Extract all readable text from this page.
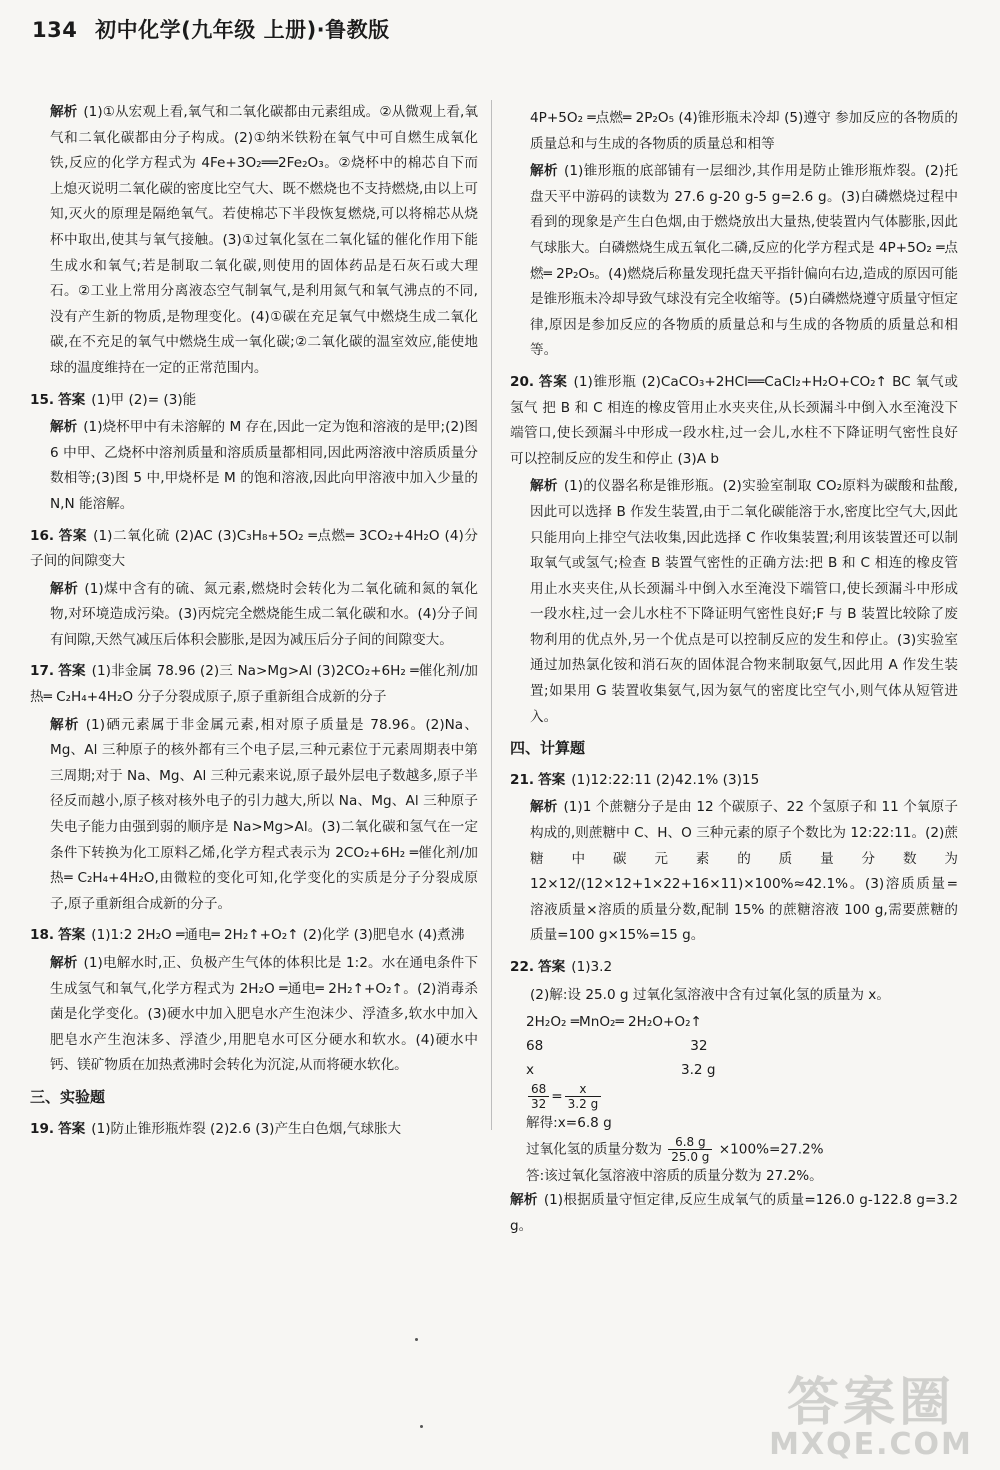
134 初中化学(九年级 上册)·鲁教版

解析 (1)①从宏观上看,氧气和二氧化碳都由元素组成。②从微观上看,氧气和二氧化碳都由分子构成。(2)①纳米铁粉在氧气中可自燃生成氧化铁,反应的化学方程式为 4Fe+3O₂══2Fe₂O₃。②烧杯中的棉芯自下而上熄灭说明二氧化碳的密度比空气大、既不燃烧也不支持燃烧,由以上可知,灭火的原理是隔绝氧气。若使棉芯下半段恢复燃烧,可以将棉芯从烧杯中取出,使其与氧气接触。(3)①过氧化氢在二氧化锰的催化作用下能生成水和氧气;若是制取二氧化碳,则使用的固体药品是石灰石或大理石。②工业上常用分离液态空气制氧气,是利用氮气和氧气沸点的不同,没有产生新的物质,是物理变化。(4)①碳在充足氧气中燃烧生成二氧化碳,在不充足的氧气中燃烧生成一氧化碳;②二氧化碳的温室效应,能使地球的温度维持在一定的正常范围内。

15. 答案 (1)甲 (2)= (3)能

解析 (1)烧杯甲中有未溶解的 M 存在,因此一定为饱和溶液的是甲;(2)图 6 中甲、乙烧杯中溶剂质量和溶质质量都相同,因此两溶液中溶质质量分数相等;(3)图 5 中,甲烧杯是 M 的饱和溶液,因此向甲溶液中加入少量的 N,N 能溶解。

16. 答案 (1)二氧化硫 (2)AC (3)C₃H₈+5O₂ ═点燃═ 3CO₂+4H₂O (4)分子间的间隙变大

解析 (1)煤中含有的硫、氮元素,燃烧时会转化为二氧化硫和氮的氧化物,对环境造成污染。(3)丙烷完全燃烧能生成二氧化碳和水。(4)分子间有间隙,天然气减压后体积会膨胀,是因为减压后分子间的间隙变大。

17. 答案 (1)非金属 78.96 (2)三 Na>Mg>Al (3)2CO₂+6H₂ ═催化剂/加热═ C₂H₄+4H₂O 分子分裂成原子,原子重新组合成新的分子

解析 (1)硒元素属于非金属元素,相对原子质量是 78.96。(2)Na、Mg、Al 三种原子的核外都有三个电子层,三种元素位于元素周期表中第三周期;对于 Na、Mg、Al 三种元素来说,原子最外层电子数越多,原子半径反而越小,原子核对核外电子的引力越大,所以 Na、Mg、Al 三种原子失电子能力由强到弱的顺序是 Na>Mg>Al。(3)二氧化碳和氢气在一定条件下转换为化工原料乙烯,化学方程式表示为 2CO₂+6H₂ ═催化剂/加热═ C₂H₄+4H₂O,由微粒的变化可知,化学变化的实质是分子分裂成原子,原子重新组合成新的分子。

18. 答案 (1)1:2 2H₂O ═通电═ 2H₂↑+O₂↑ (2)化学 (3)肥皂水 (4)煮沸

解析 (1)电解水时,正、负极产生气体的体积比是 1:2。水在通电条件下生成氢气和氧气,化学方程式为 2H₂O ═通电═ 2H₂↑+O₂↑。(2)消毒杀菌是化学变化。(3)硬水中加入肥皂水产生泡沫少、浮渣多,软水中加入肥皂水产生泡沫多、浮渣少,用肥皂水可区分硬水和软水。(4)硬水中钙、镁矿物质在加热煮沸时会转化为沉淀,从而将硬水软化。

三、实验题

19. 答案 (1)防止锥形瓶炸裂 (2)2.6 (3)产生白色烟,气球胀大

4P+5O₂ ═点燃═ 2P₂O₅ (4)锥形瓶未冷却 (5)遵守 参加反应的各物质的质量总和与生成的各物质的质量总和相等

解析 (1)锥形瓶的底部铺有一层细沙,其作用是防止锥形瓶炸裂。(2)托盘天平中游码的读数为 27.6 g-20 g-5 g=2.6 g。(3)白磷燃烧过程中看到的现象是产生白色烟,由于燃烧放出大量热,使装置内气体膨胀,因此气球胀大。白磷燃烧生成五氧化二磷,反应的化学方程式是 4P+5O₂ ═点燃═ 2P₂O₅。(4)燃烧后称量发现托盘天平指针偏向右边,造成的原因可能是锥形瓶未冷却导致气球没有完全收缩等。(5)白磷燃烧遵守质量守恒定律,原因是参加反应的各物质的质量总和与生成的各物质的质量总和相等。

20. 答案 (1)锥形瓶 (2)CaCO₃+2HCl══CaCl₂+H₂O+CO₂↑ BC 氧气或氢气 把 B 和 C 相连的橡皮管用止水夹夹住,从长颈漏斗中倒入水至淹没下端管口,使长颈漏斗中形成一段水柱,过一会儿,水柱不下降证明气密性良好 可以控制反应的发生和停止 (3)A b

解析 (1)的仪器名称是锥形瓶。(2)实验室制取 CO₂原料为碳酸和盐酸,因此可以选择 B 作发生装置,由于二氧化碳能溶于水,密度比空气大,因此只能用向上排空气法收集,因此选择 C 作收集装置;利用该装置还可以制取氧气或氢气;检查 B 装置气密性的正确方法:把 B 和 C 相连的橡皮管用止水夹夹住,从长颈漏斗中倒入水至淹没下端管口,使长颈漏斗中形成一段水柱,过一会儿水柱不下降证明气密性良好;F 与 B 装置比较除了废物利用的优点外,另一个优点是可以控制反应的发生和停止。(3)实验室通过加热氯化铵和消石灰的固体混合物来制取氨气,因此用 A 作发生装置;如果用 G 装置收集氨气,因为氨气的密度比空气小,则气体从短管进入。

四、计算题

21. 答案 (1)12:22:11 (2)42.1% (3)15

解析 (1)1 个蔗糖分子是由 12 个碳原子、22 个氢原子和 11 个氧原子构成的,则蔗糖中 C、H、O 三种元素的原子个数比为 12:22:11。(2)蔗糖中碳元素的质量分数为 12×12/(12×12+1×22+16×11)×100%≈42.1%。(3)溶质质量=溶液质量×溶质的质量分数,配制 15% 的蔗糖溶液 100 g,需要蔗糖的质量=100 g×15%=15 g。

22. 答案 (1)3.2

(2)解:设 25.0 g 过氧化氢溶液中含有过氧化氢的质量为 x。

2H₂O₂ ═MnO₂═ 2H₂O+O₂↑
68                                  32
x                                  3.2 g
$\frac{68}{32} = \frac{x}{3.2 g}$
解得:x=6.8 g
过氧化氢的质量分数为 $\frac{6.8 g}{25.0 g} \times 100\%=27.2\%$
答:该过氧化氢溶液中溶质的质量分数为 27.2%。

解析 (1)根据质量守恒定律,反应生成氧气的质量=126.0 g-122.8 g=3.2 g。

答案圈
MXQE.COM
